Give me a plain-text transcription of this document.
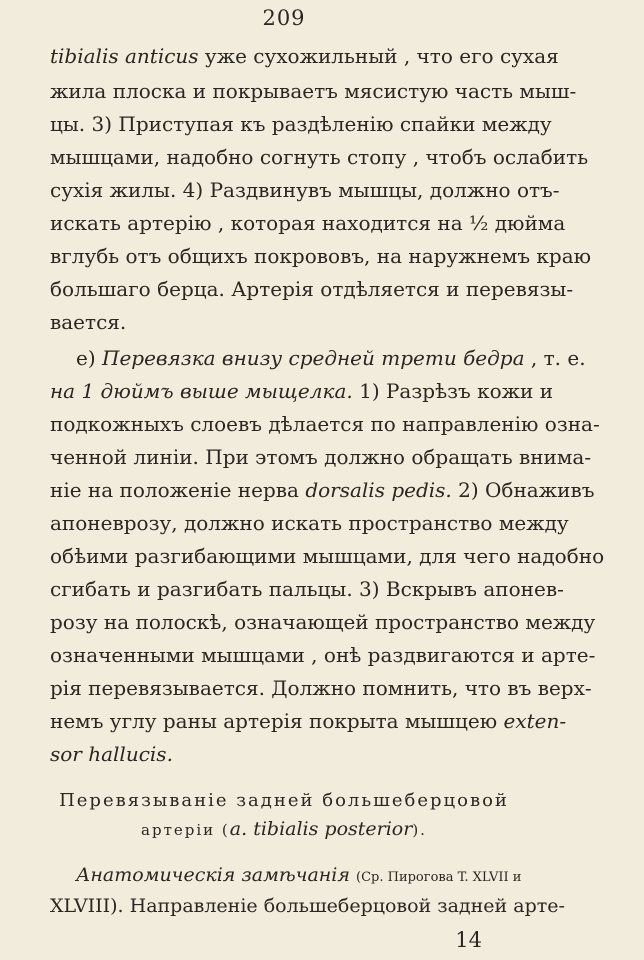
209
tibialis anticus уже сухожильный , что его сухая
жила плоска и покрываетъ мясистую часть мыш-
цы. 3) Приступая къ раздѣленію спайки между
мышцами, надобно согнуть стопу , чтобъ ослабить
сухія жилы. 4) Раздвинувъ мышцы, должно отъ-
искать артерію , которая находится на ½ дюйма
вглубь отъ общихъ покрововъ, на наружнемъ краю
большаго берца. Артерія отдѣляется и перевязы-
вается.
e) Перевязка внизу средней трети бедра , т. е.
на 1 дюймъ выше мыщелка. 1) Разрѣзъ кожи и
подкожныхъ слоевъ дѣлается по направленію озна-
ченной линіи. При этомъ должно обращать внима-
ніе на положеніе нерва dorsalis pedis. 2) Обнаживъ
апоневрозу, должно искать пространство между
обѣими разгибающими мышцами, для чего надобно
сгибать и разгибать пальцы. 3) Вскрывъ апонев-
розу на полоскѣ, означающей пространство между
означенными мышцами , онѣ раздвигаются и арте-
рія перевязывается. Должно помнить, что въ верх-
немъ углу раны артерія покрыта мышцею exten-
sor hallucis.
Перевязываніе задней большеберцовой
артеріи (a. tibialis posterior).
Анатомическія замѣчанія (Ср. Пирогова T. XLVII и
XLVIII). Направленіе большеберцовой задней арте-
14
